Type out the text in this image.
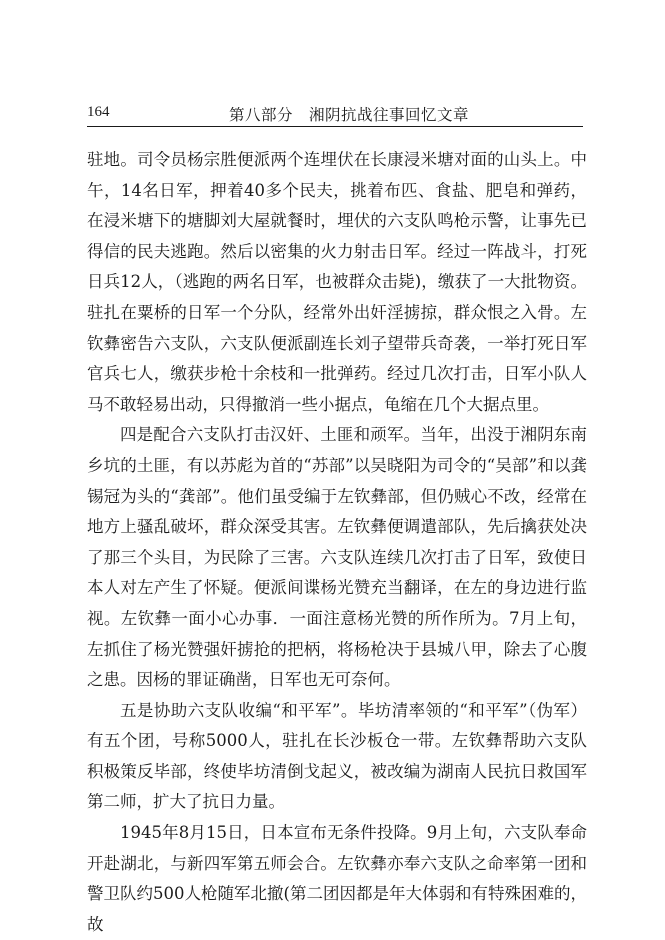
164	第八部分　湘阴抗战往事回忆文章

驻地。司令员杨宗胜便派两个连埋伏在长康浸米塘对面的山头上。中午，14名日军，押着40多个民夫，挑着布匹、食盐、肥皂和弹药，在浸米塘下的塘脚刘大屋就餐时，埋伏的六支队鸣枪示警，让事先已得信的民夫逃跑。然后以密集的火力射击日军。经过一阵战斗，打死日兵12人，（逃跑的两名日军，也被群众击毙)，缴获了一大批物资。驻扎在粟桥的日军一个分队，经常外出奸淫掳掠，群众恨之入骨。左钦彝密告六支队，六支队便派副连长刘子望带兵奇袭，一举打死日军官兵七人，缴获步枪十余枝和一批弹药。经过几次打击，日军小队人马不敢轻易出动，只得撤消一些小据点，龟缩在几个大据点里。

四是配合六支队打击汉奸、土匪和顽军。当年，出没于湘阴东南乡坑的土匪，有以苏彪为首的“苏部”以吴晓阳为司令的“吴部”和以龚锡冠为头的“龚部”。他们虽受编于左钦彝部，但仍贼心不改，经常在地方上骚乱破坏，群众深受其害。左钦彝便调遣部队，先后擒获处决了那三个头目，为民除了三害。六支队连续几次打击了日军，致使日本人对左产生了怀疑。便派间谍杨光赞充当翻译，在左的身边进行监视。左钦彝一面小心办事．一面注意杨光赞的所作所为。7月上旬，左抓住了杨光赞强奸掳抢的把柄，将杨枪决于县城八甲，除去了心腹之患。因杨的罪证确凿，日军也无可奈何。

五是协助六支队收编“和平军”。毕坊清率领的“和平军”（伪军）有五个团，号称5000人，驻扎在长沙板仓一带。左钦彝帮助六支队积极策反毕部，终使毕坊清倒戈起义，被改编为湖南人民抗日救国军第二师，扩大了抗日力量。

1945年8月15日，日本宣布无条件投降。9月上旬，六支队奉命开赴湖北，与新四军第五师会合。左钦彝亦奉六支队之命率第一团和警卫队约500人枪随军北撤(第二团因都是年大体弱和有特殊困难的，故
